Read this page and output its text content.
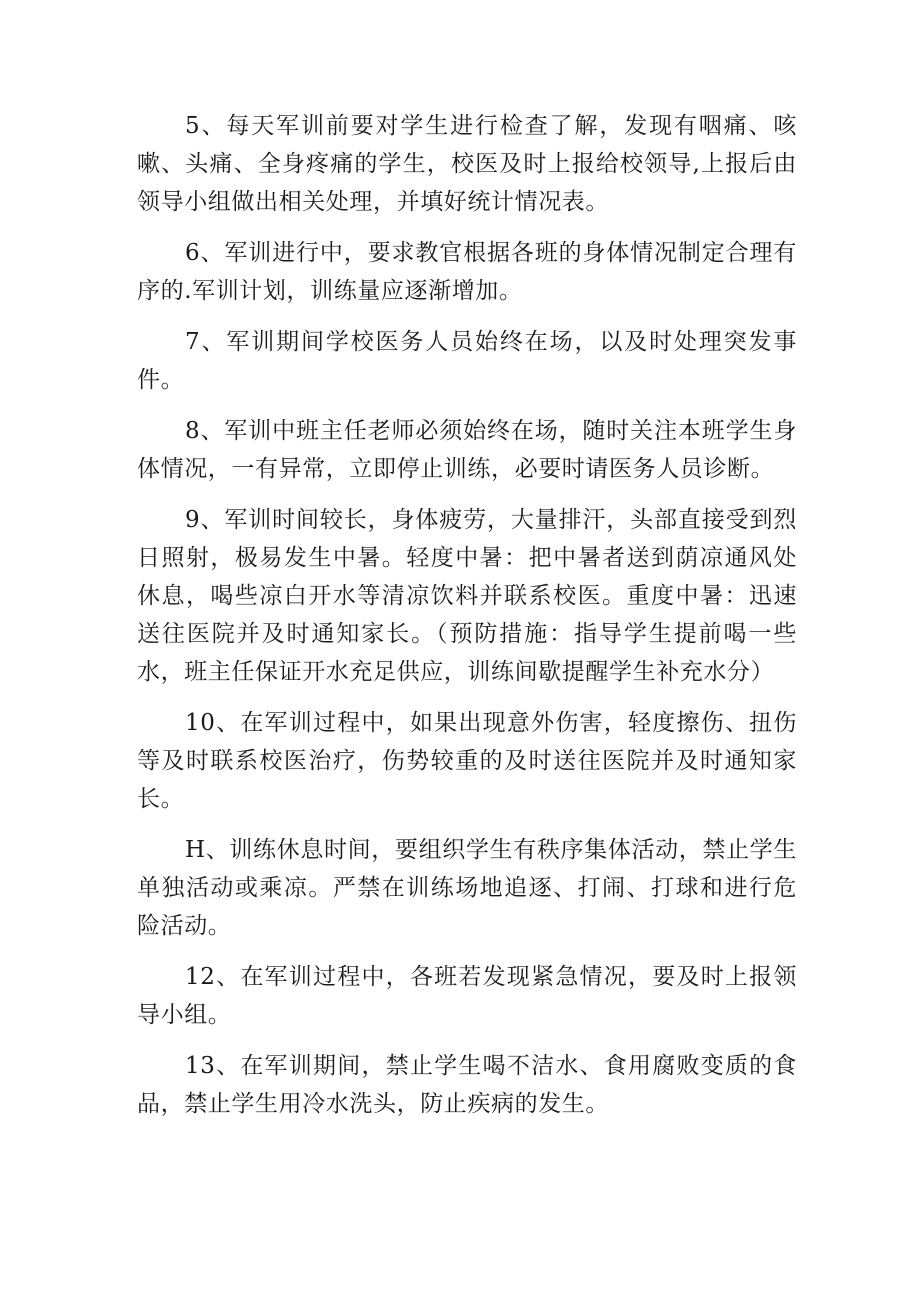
5、每天军训前要对学生进行检查了解，发现有咽痛、咳嗽、头痛、全身疼痛的学生，校医及时上报给校领导,上报后由领导小组做出相关处理，并填好统计情况表。

6、军训进行中，要求教官根据各班的身体情况制定合理有序的.军训计划，训练量应逐渐增加。

7、军训期间学校医务人员始终在场，以及时处理突发事件。

8、军训中班主任老师必须始终在场，随时关注本班学生身体情况，一有异常，立即停止训练，必要时请医务人员诊断。

9、军训时间较长，身体疲劳，大量排汗，头部直接受到烈日照射，极易发生中暑。轻度中暑：把中暑者送到荫凉通风处休息，喝些凉白开水等清凉饮料并联系校医。重度中暑：迅速送往医院并及时通知家长。（预防措施：指导学生提前喝一些水，班主任保证开水充足供应，训练间歇提醒学生补充水分）

10、在军训过程中，如果出现意外伤害，轻度擦伤、扭伤等及时联系校医治疗，伤势较重的及时送往医院并及时通知家长。

H、训练休息时间，要组织学生有秩序集体活动，禁止学生单独活动或乘凉。严禁在训练场地追逐、打闹、打球和进行危险活动。

12、在军训过程中，各班若发现紧急情况，要及时上报领导小组。

13、在军训期间，禁止学生喝不洁水、食用腐败变质的食品，禁止学生用冷水洗头，防止疾病的发生。
